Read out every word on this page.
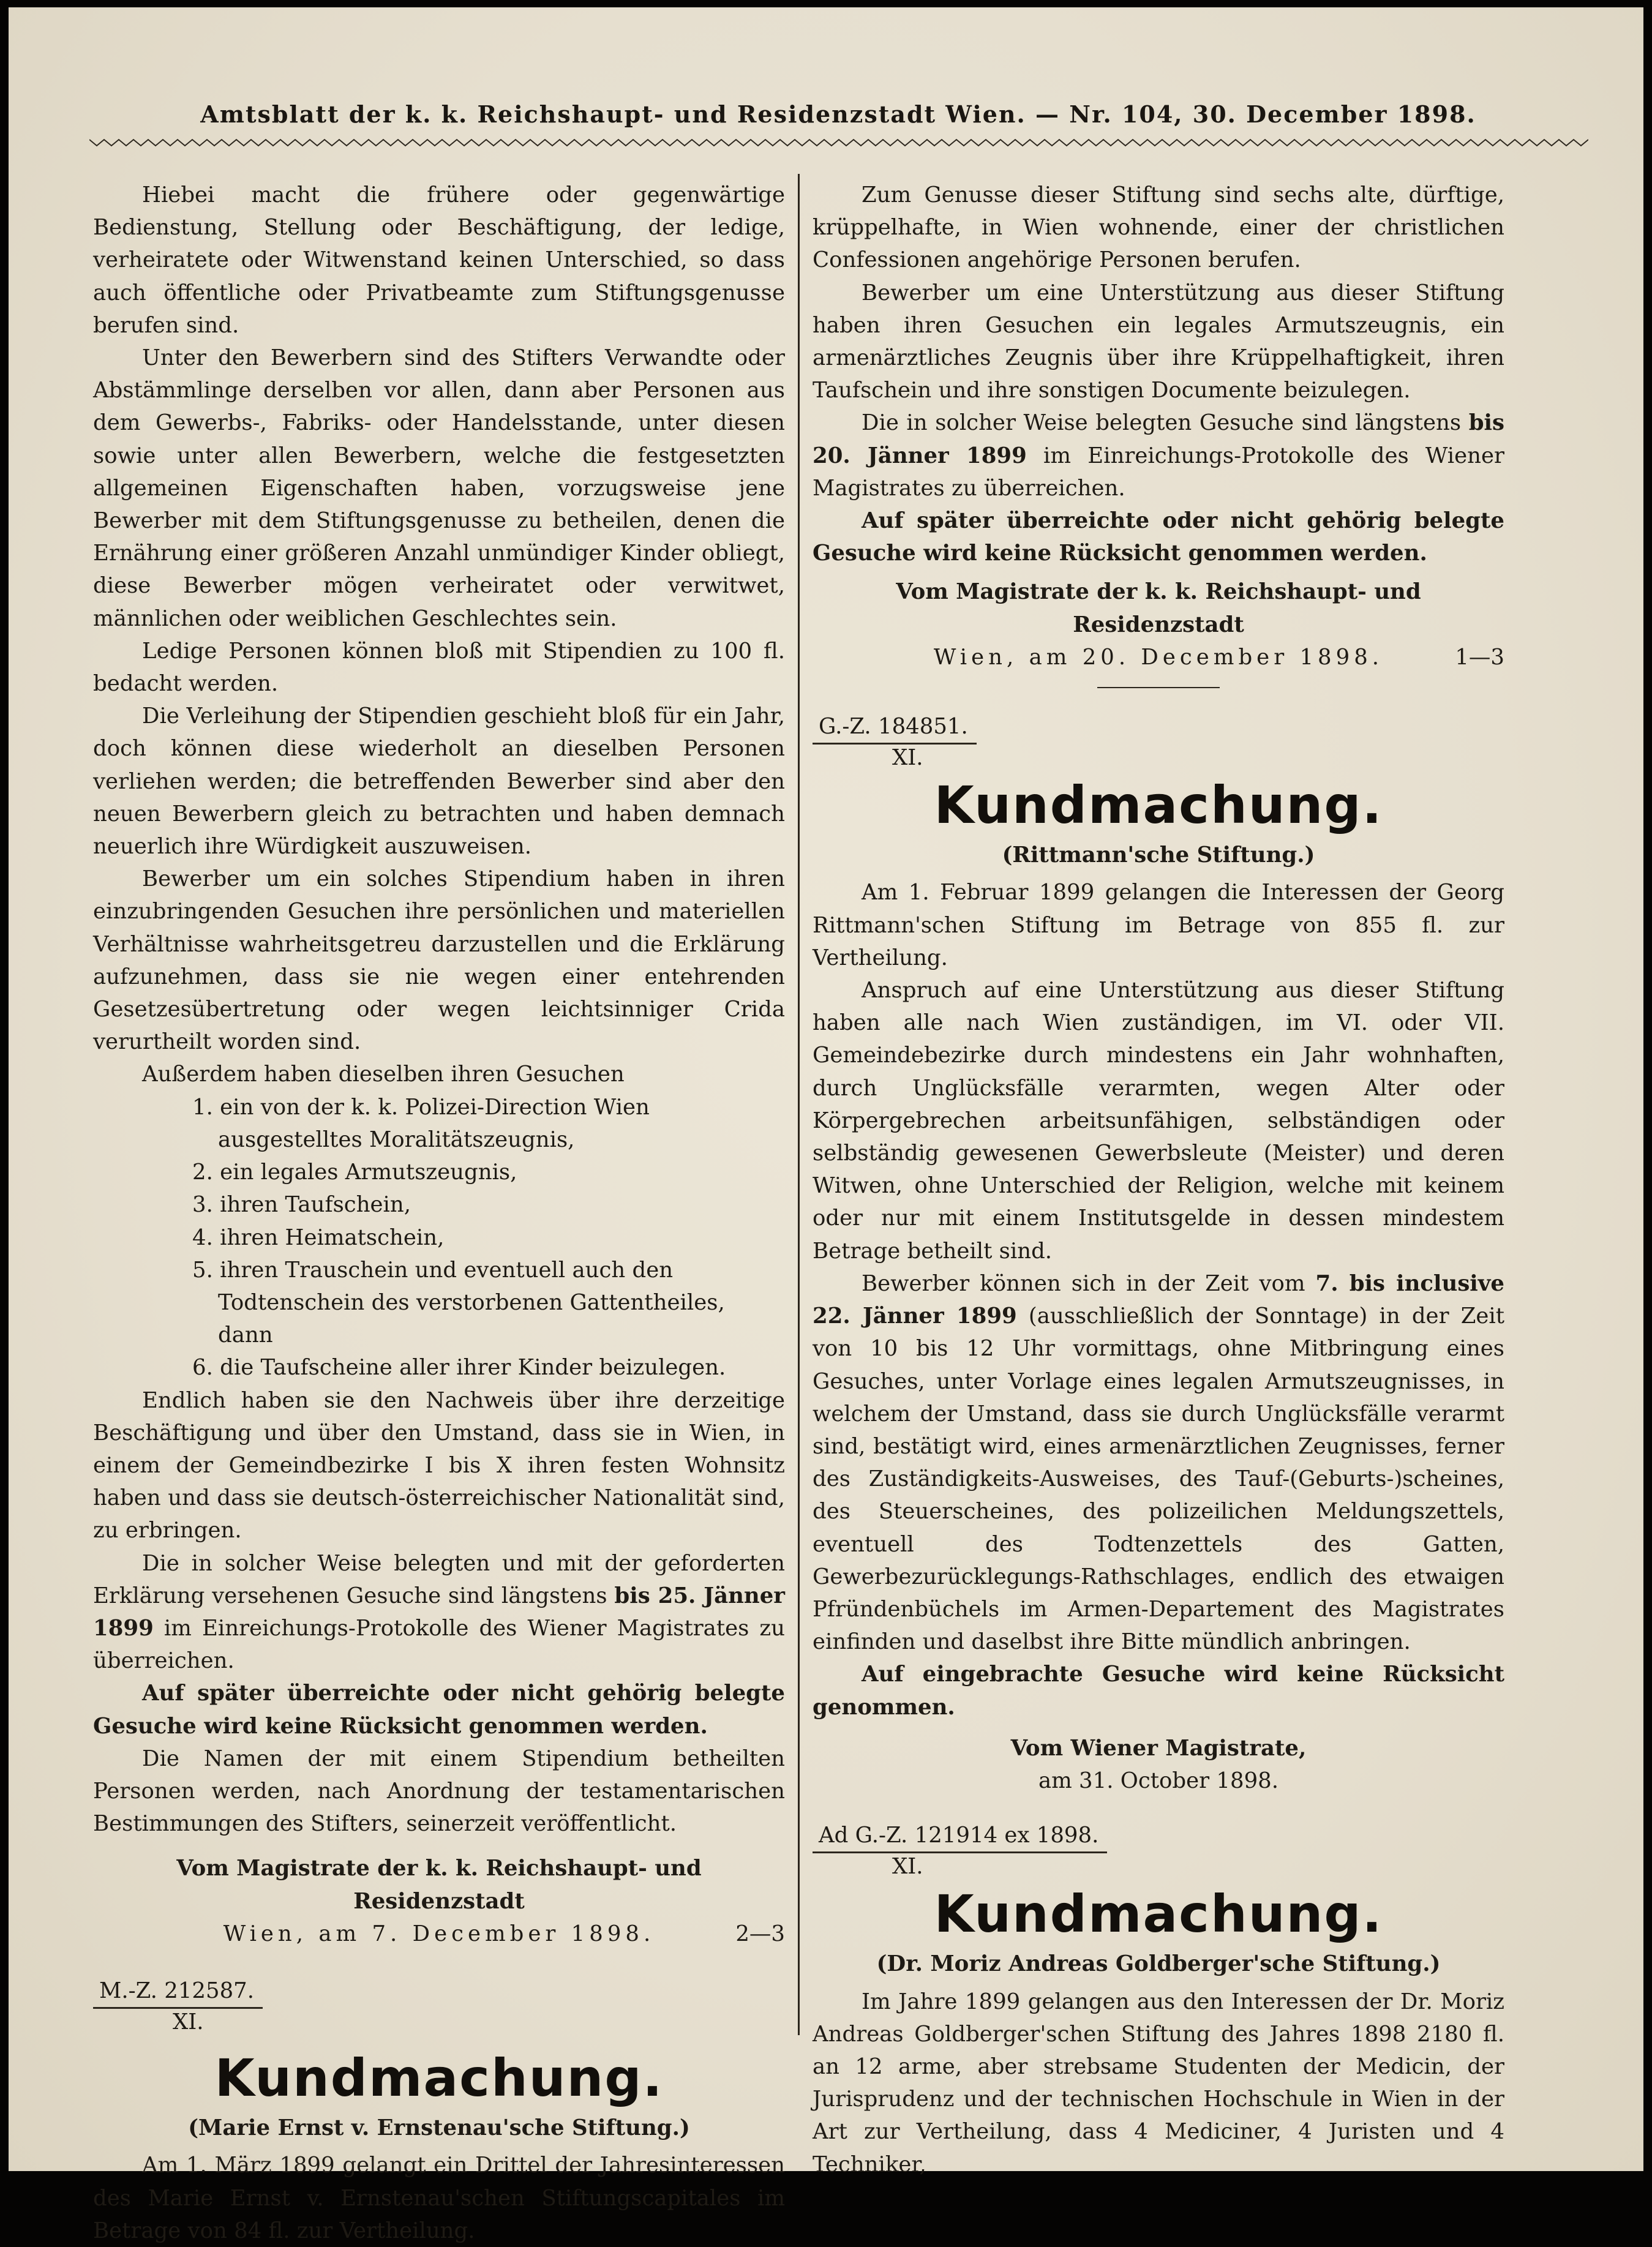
Amtsblatt der k. k. Reichshaupt- und Residenzstadt Wien. — Nr. 104, 30. December 1898.

Hiebei macht die frühere oder gegenwärtige Bedienstung, Stellung oder Beschäftigung, der ledige, verheiratete oder Witwenstand keinen Unterschied, so dass auch öffentliche oder Privatbeamte zum Stiftungsgenusse berufen sind.

Unter den Bewerbern sind des Stifters Verwandte oder Abstämmlinge derselben vor allen, dann aber Personen aus dem Gewerbs-, Fabriks- oder Handelsstande, unter diesen sowie unter allen Bewerbern, welche die festgesetzten allgemeinen Eigenschaften haben, vorzugsweise jene Bewerber mit dem Stiftungsgenusse zu betheilen, denen die Ernährung einer größeren Anzahl unmündiger Kinder obliegt, diese Bewerber mögen verheiratet oder verwitwet, männlichen oder weiblichen Geschlechtes sein.

Ledige Personen können bloß mit Stipendien zu 100 fl. bedacht werden.

Die Verleihung der Stipendien geschieht bloß für ein Jahr, doch können diese wiederholt an dieselben Personen verliehen werden; die betreffenden Bewerber sind aber den neuen Bewerbern gleich zu betrachten und haben demnach neuerlich ihre Würdigkeit auszuweisen.

Bewerber um ein solches Stipendium haben in ihren einzubringenden Gesuchen ihre persönlichen und materiellen Verhältnisse wahrheitsgetreu darzustellen und die Erklärung aufzunehmen, dass sie nie wegen einer entehrenden Gesetzesübertretung oder wegen leichtsinniger Crida verurtheilt worden sind.

Außerdem haben dieselben ihren Gesuchen

1. ein von der k. k. Polizei-Direction Wien ausgestelltes Moralitätszeugnis,
2. ein legales Armutszeugnis,
3. ihren Taufschein,
4. ihren Heimatschein,
5. ihren Trauschein und eventuell auch den Todtenschein des verstorbenen Gattentheiles, dann
6. die Taufscheine aller ihrer Kinder beizulegen.

Endlich haben sie den Nachweis über ihre derzeitige Beschäftigung und über den Umstand, dass sie in Wien, in einem der Gemeindbezirke I bis X ihren festen Wohnsitz haben und dass sie deutsch-österreichischer Nationalität sind, zu erbringen.

Die in solcher Weise belegten und mit der geforderten Erklärung versehenen Gesuche sind längstens bis 25. Jänner 1899 im Einreichungs-Protokolle des Wiener Magistrates zu überreichen.

Auf später überreichte oder nicht gehörig belegte Gesuche wird keine Rücksicht genommen werden.

Die Namen der mit einem Stipendium betheilten Personen werden, nach Anordnung der testamentarischen Bestimmungen des Stifters, seinerzeit veröffentlicht.

Vom Magistrate der k. k. Reichshaupt- und Residenzstadt

Wien, am 7. December 1898.	2—3
M.-Z. 212587.
XI.
Kundmachung.
(Marie Ernst v. Ernstenau'sche Stiftung.)

Am 1. März 1899 gelangt ein Drittel der Jahresinteressen des Marie Ernst v. Ernstenau'schen Stiftungscapitales im Betrage von 84 fl. zur Vertheilung.

Zum Genusse dieser Stiftung sind sechs alte, dürftige, krüppelhafte, in Wien wohnende, einer der christlichen Confessionen angehörige Personen berufen.

Bewerber um eine Unterstützung aus dieser Stiftung haben ihren Gesuchen ein legales Armutszeugnis, ein armenärztliches Zeugnis über ihre Krüppelhaftigkeit, ihren Taufschein und ihre sonstigen Documente beizulegen.

Die in solcher Weise belegten Gesuche sind längstens bis 20. Jänner 1899 im Einreichungs-Protokolle des Wiener Magistrates zu überreichen.

Auf später überreichte oder nicht gehörig belegte Gesuche wird keine Rücksicht genommen werden.

Vom Magistrate der k. k. Reichshaupt- und Residenzstadt

Wien, am 20. December 1898.	1—3
G.-Z. 184851.
XI.
Kundmachung.
(Rittmann'sche Stiftung.)

Am 1. Februar 1899 gelangen die Interessen der Georg Rittmann'schen Stiftung im Betrage von 855 fl. zur Vertheilung.

Anspruch auf eine Unterstützung aus dieser Stiftung haben alle nach Wien zuständigen, im VI. oder VII. Gemeindebezirke durch mindestens ein Jahr wohnhaften, durch Unglücksfälle verarmten, wegen Alter oder Körpergebrechen arbeitsunfähigen, selbständigen oder selbständig gewesenen Gewerbsleute (Meister) und deren Witwen, ohne Unterschied der Religion, welche mit keinem oder nur mit einem Institutsgelde in dessen mindestem Betrage betheilt sind.

Bewerber können sich in der Zeit vom 7. bis inclusive 22. Jänner 1899 (ausschließlich der Sonntage) in der Zeit von 10 bis 12 Uhr vormittags, ohne Mitbringung eines Gesuches, unter Vorlage eines legalen Armutszeugnisses, in welchem der Umstand, dass sie durch Unglücksfälle verarmt sind, bestätigt wird, eines armenärztlichen Zeugnisses, ferner des Zuständigkeits-Ausweises, des Tauf-(Geburts-)scheines, des Steuerscheines, des polizeilichen Meldungszettels, eventuell des Todtenzettels des Gatten, Gewerbezurücklegungs-Rathschlages, endlich des etwaigen Pfründenbüchels im Armen-Departement des Magistrates einfinden und daselbst ihre Bitte mündlich anbringen.

Auf eingebrachte Gesuche wird keine Rücksicht genommen.

Vom Wiener Magistrate,

am 31. October 1898.

Ad G.-Z. 121914 ex 1898.
XI.
Kundmachung.
(Dr. Moriz Andreas Goldberger'sche Stiftung.)

Im Jahre 1899 gelangen aus den Interessen der Dr. Moriz Andreas Goldberger'schen Stiftung des Jahres 1898 2180 fl. an 12 arme, aber strebsame Studenten der Medicin, der Jurisprudenz und der technischen Hochschule in Wien in der Art zur Vertheilung, dass 4 Mediciner, 4 Juristen und 4 Techniker,
